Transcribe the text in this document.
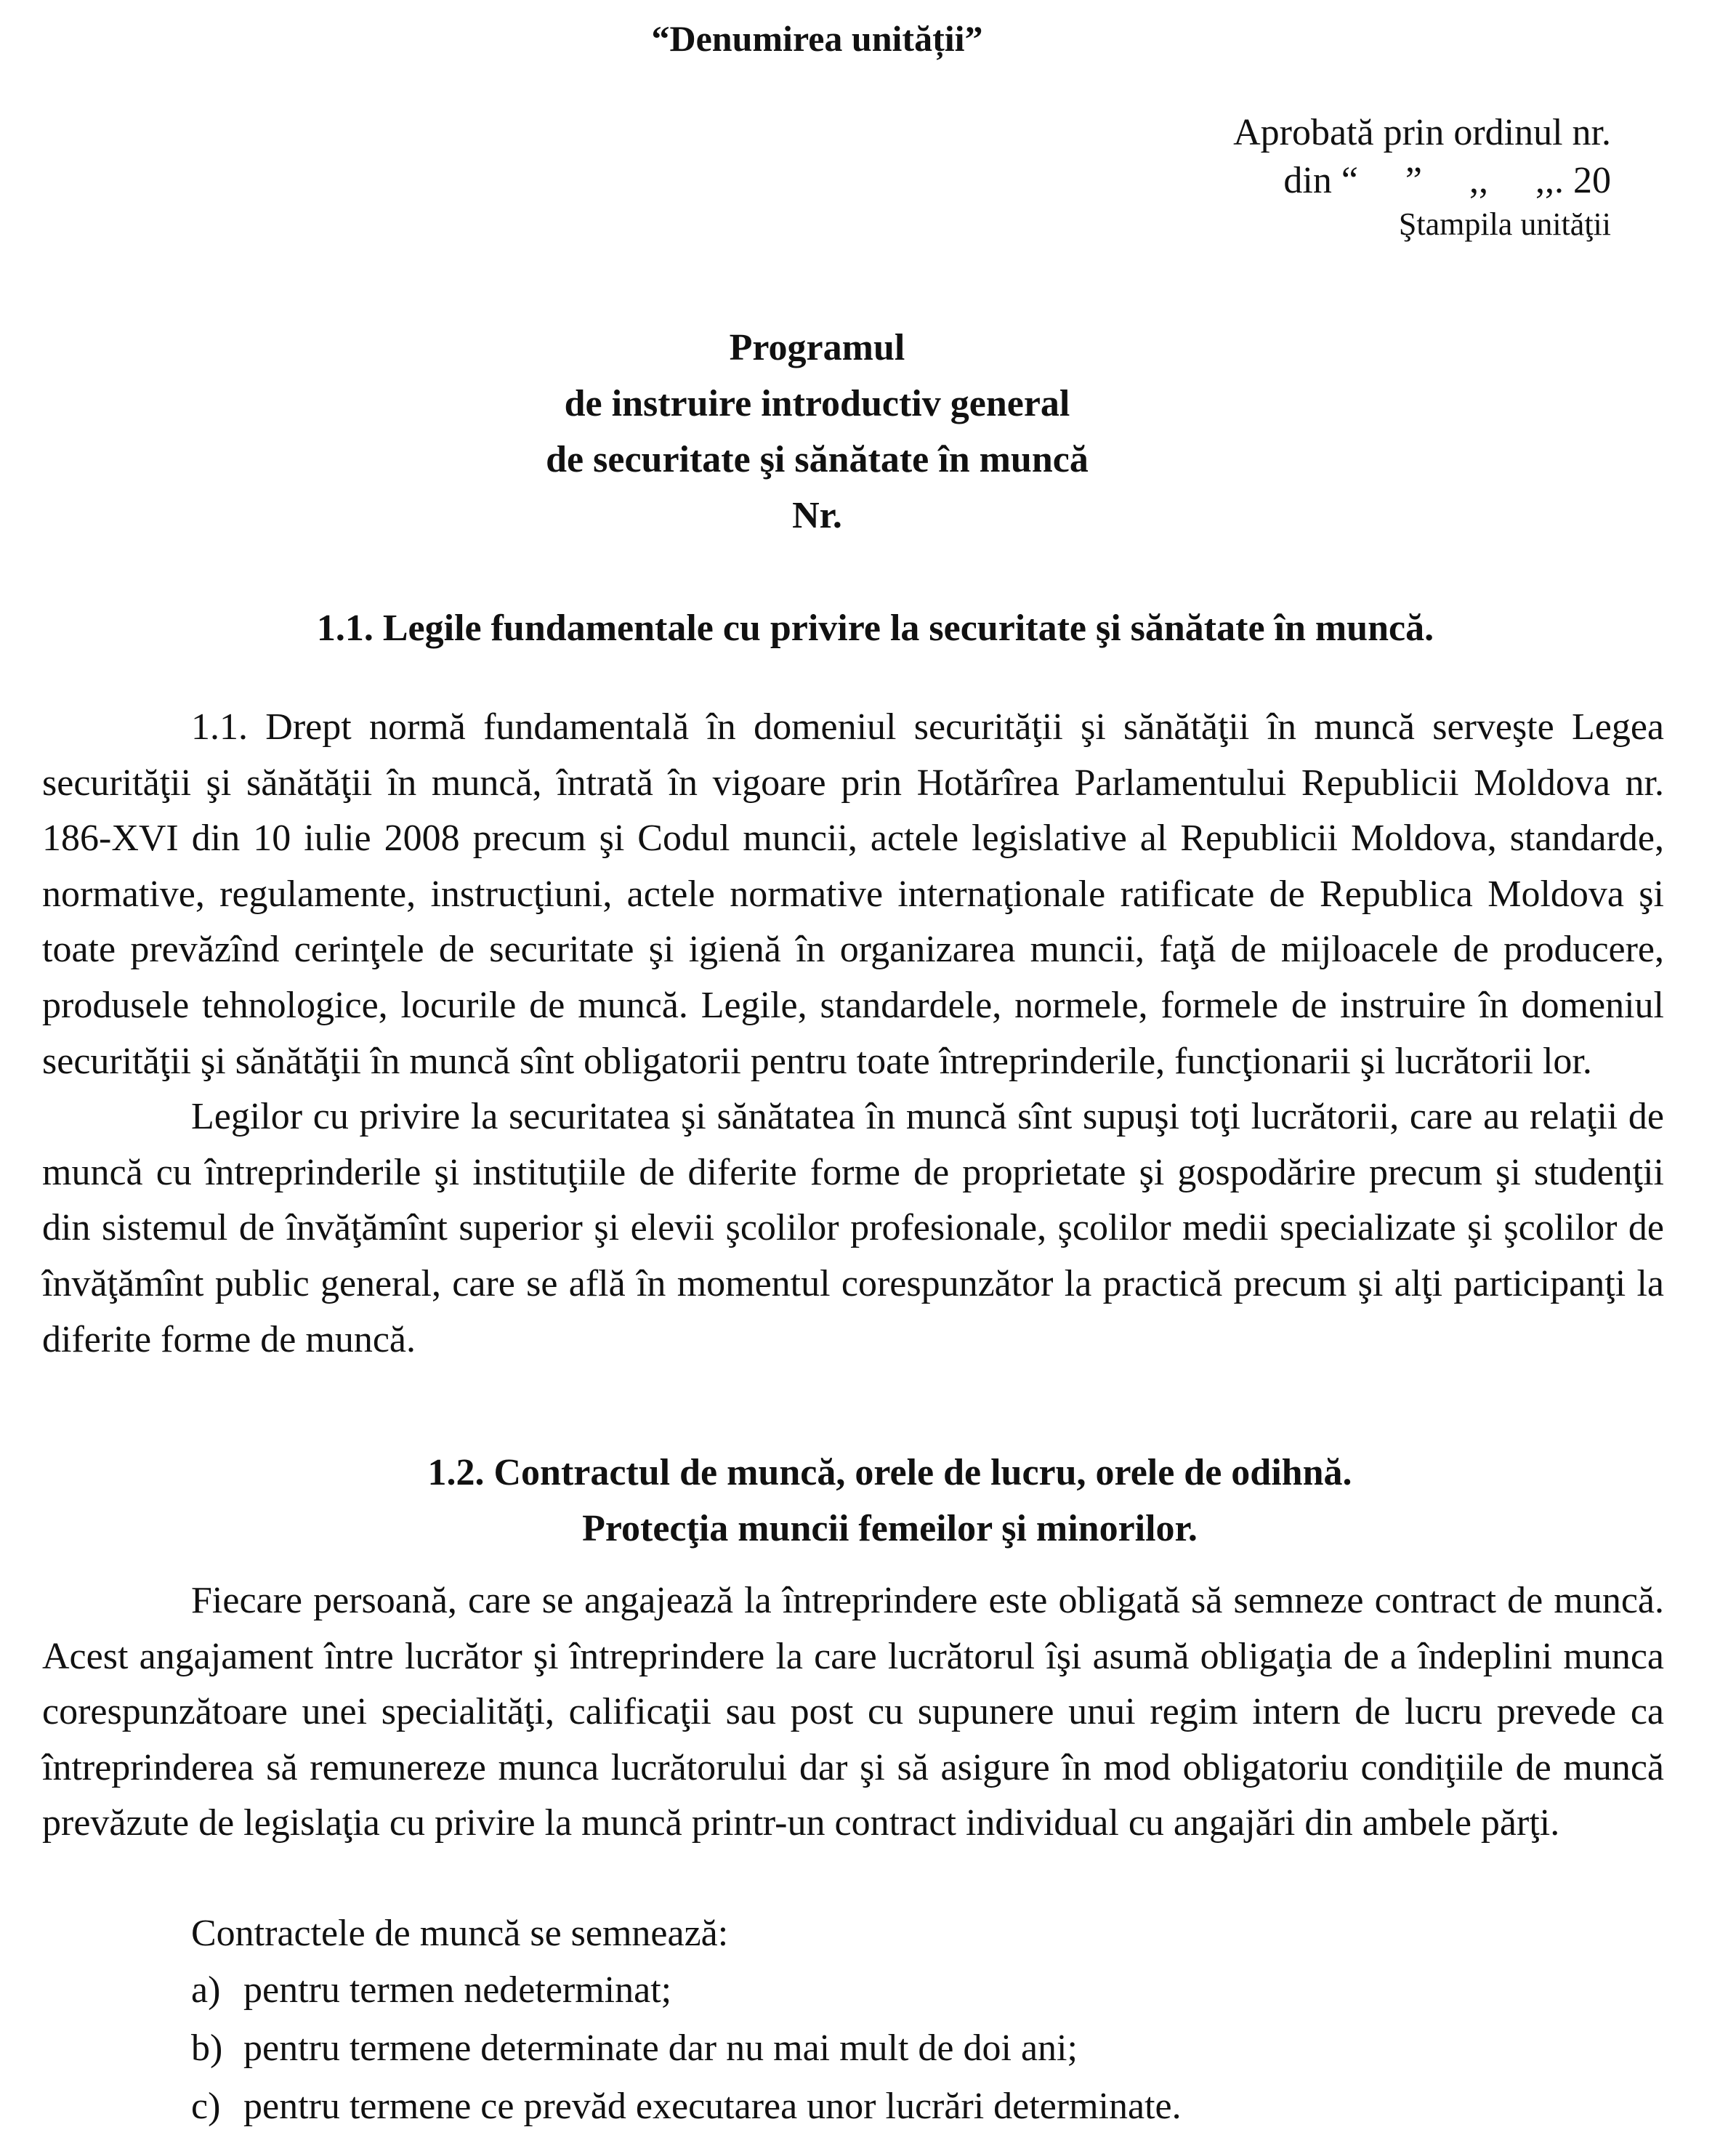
“Denumirea unității”
Aprobată prin ordinul nr.
din “     ”     ,,     ,,. 20
Ştampila unităţii
Programul
de instruire introductiv general
de securitate şi sănătate în muncă
Nr.
1.1. Legile fundamentale cu privire la securitate şi sănătate în muncă.

1.1. Drept normă fundamentală în domeniul securităţii şi sănătăţii în muncă serveşte Legea securităţii şi sănătăţii în muncă, întrată în vigoare prin Hotărîrea Parlamentului Republicii Moldova nr. 186-XVI din 10 iulie 2008 precum şi Codul muncii, actele legislative al Republicii Moldova, standarde, normative, regulamente, instrucţiuni, actele normative internaţionale ratificate de Republica Moldova şi toate prevăzînd cerinţele de securitate şi igienă în organizarea muncii, faţă de mijloacele de producere, produsele tehnologice, locurile de muncă. Legile, standardele, normele, formele de instruire în domeniul securităţii şi sănătăţii în muncă sînt obligatorii pentru toate întreprinderile, funcţionarii şi lucrătorii lor.

Legilor cu privire la securitatea şi sănătatea în muncă sînt supuşi toţi lucrătorii, care au relaţii de muncă cu întreprinderile şi instituţiile de diferite forme de proprietate şi gospodărire precum şi studenţii din sistemul de învăţămînt superior şi elevii şcolilor profesionale, şcolilor medii specializate şi şcolilor de învăţămînt public general, care se află în momentul corespunzător la practică precum şi alţi participanţi la diferite forme de muncă.

1.2. Contractul de muncă, orele de lucru, orele de odihnă.
Protecţia muncii femeilor şi minorilor.

Fiecare persoană, care se angajează la întreprindere este obligată să semneze contract de muncă. Acest angajament între lucrător şi întreprindere la care lucrătorul îşi asumă obligaţia de a îndeplini munca corespunzătoare unei specialităţi, calificaţii sau post cu supunere unui regim intern de lucru prevede ca întreprinderea să remunereze munca lucrătorului dar şi să asigure în mod obligatoriu condiţiile de muncă prevăzute de legislaţia cu privire la muncă printr-un contract individual cu angajări din ambele părţi.

Contractele de muncă se semnează:
a) pentru termen nedeterminat;
b) pentru termene determinate dar nu mai mult de doi ani;
c) pentru termene ce prevăd executarea unor lucrări determinate.
